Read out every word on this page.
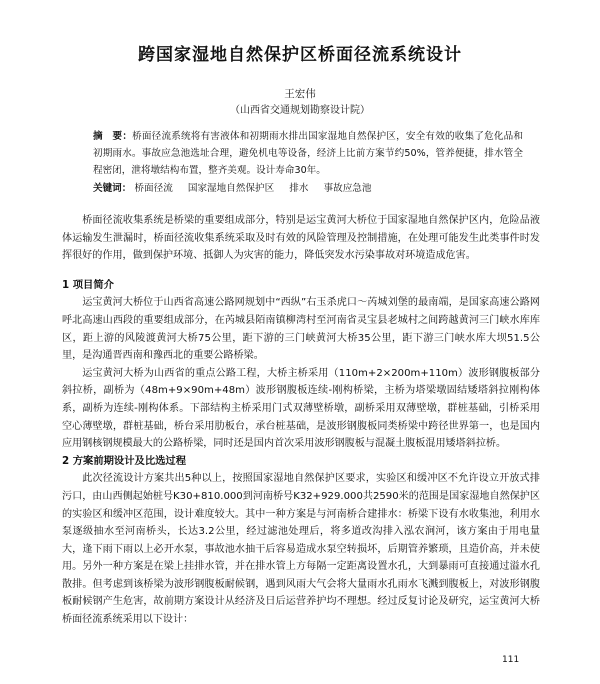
跨国家湿地自然保护区桥面径流系统设计
王宏伟
（山西省交通规划勘察设计院）
摘　要：桥面径流系统将有害液体和初期雨水排出国家湿地自然保护区，安全有效的收集了危化品和初期雨水。事故应急池选址合理，避免机电等设备，经济上比前方案节约50%，管养便捷，排水管全程密闭，泄将墩结构布置，整齐美观。设计寿命30年。
关键词： 桥面径流 国家湿地自然保护区 排水 事故应急池

桥面径流收集系统是桥梁的重要组成部分，特别是运宝黄河大桥位于国家湿地自然保护区内，危险品液体运输发生泄漏时，桥面径流收集系统采取及时有效的风险管理及控制措施，在处理可能发生此类事件时发挥很好的作用，做到保护环境、抵御人为灾害的能力，降低突发水污染事故对环境造成危害。

1 项目简介

运宝黄河大桥位于山西省高速公路网规划中“西纵”右玉杀虎口～芮城刘堡的最南端，是国家高速公路网呼北高速山西段的重要组成部分，在芮城县陌南镇柳湾村至河南省灵宝县老城村之间跨越黄河三门峡水库库区，距上游的风陵渡黄河大桥75公里，距下游的三门峡黄河大桥35公里，距下游三门峡水库大坝51.5公里，是沟通晋西南和豫西北的重要公路桥梁。

运宝黄河大桥为山西省的重点公路工程，大桥主桥采用（110m+2×200m+110m）波形钢腹板部分斜拉桥，副桥为（48m+9×90m+48m）波形钢腹板连续-刚构桥梁，主桥为塔梁墩固结矮塔斜拉刚构体系，副桥为连续-刚构体系。下部结构主桥采用门式双薄壁桥墩，副桥采用双薄壁墩，群桩基础，引桥采用空心薄壁墩，群桩基础，桥台采用肋板台，承台桩基础，是波形钢腹板同类桥梁中跨径世界第一，也是国内应用钢核钢规模最大的公路桥梁，同时还是国内首次采用波形钢腹板与混凝土腹板混用矮塔斜拉桥。

2 方案前期设计及比选过程

此次径流设计方案共出5种以上，按照国家湿地自然保护区要求，实验区和缓冲区不允许设立开放式排污口，由山西侧起始桩号K30+810.000到河南桥号K32+929.000共2590米的范围是国家湿地自然保护区的实验区和缓冲区范围，设计难度较大。其中一种方案是与河南桥合建排水：桥梁下设有水收集池，利用水泵逐级抽水至河南桥头，长达3.2公里，经过滤池处理后，将多道改沟排入泓农涧河，该方案由于用电量大，逢下雨下雨以上必开水泵，事故池水抽干后容易造成水泵空转损坏，后期管养繁琐，且造价高，并未使用。另外一种方案是在梁上挂排水管，并在排水管上方每隔一定距离设置水孔，大到暴雨可直接通过溢水孔散排。但考虑到该桥梁为波形钢腹板耐候钢，遇到风雨大气会将大量雨水孔雨水飞溅到腹板上，对波形钢腹板耐候钢产生危害，故前期方案设计从经济及日后运营养护均不理想。经过反复讨论及研究，运宝黄河大桥桥面径流系统采用以下设计：

111
